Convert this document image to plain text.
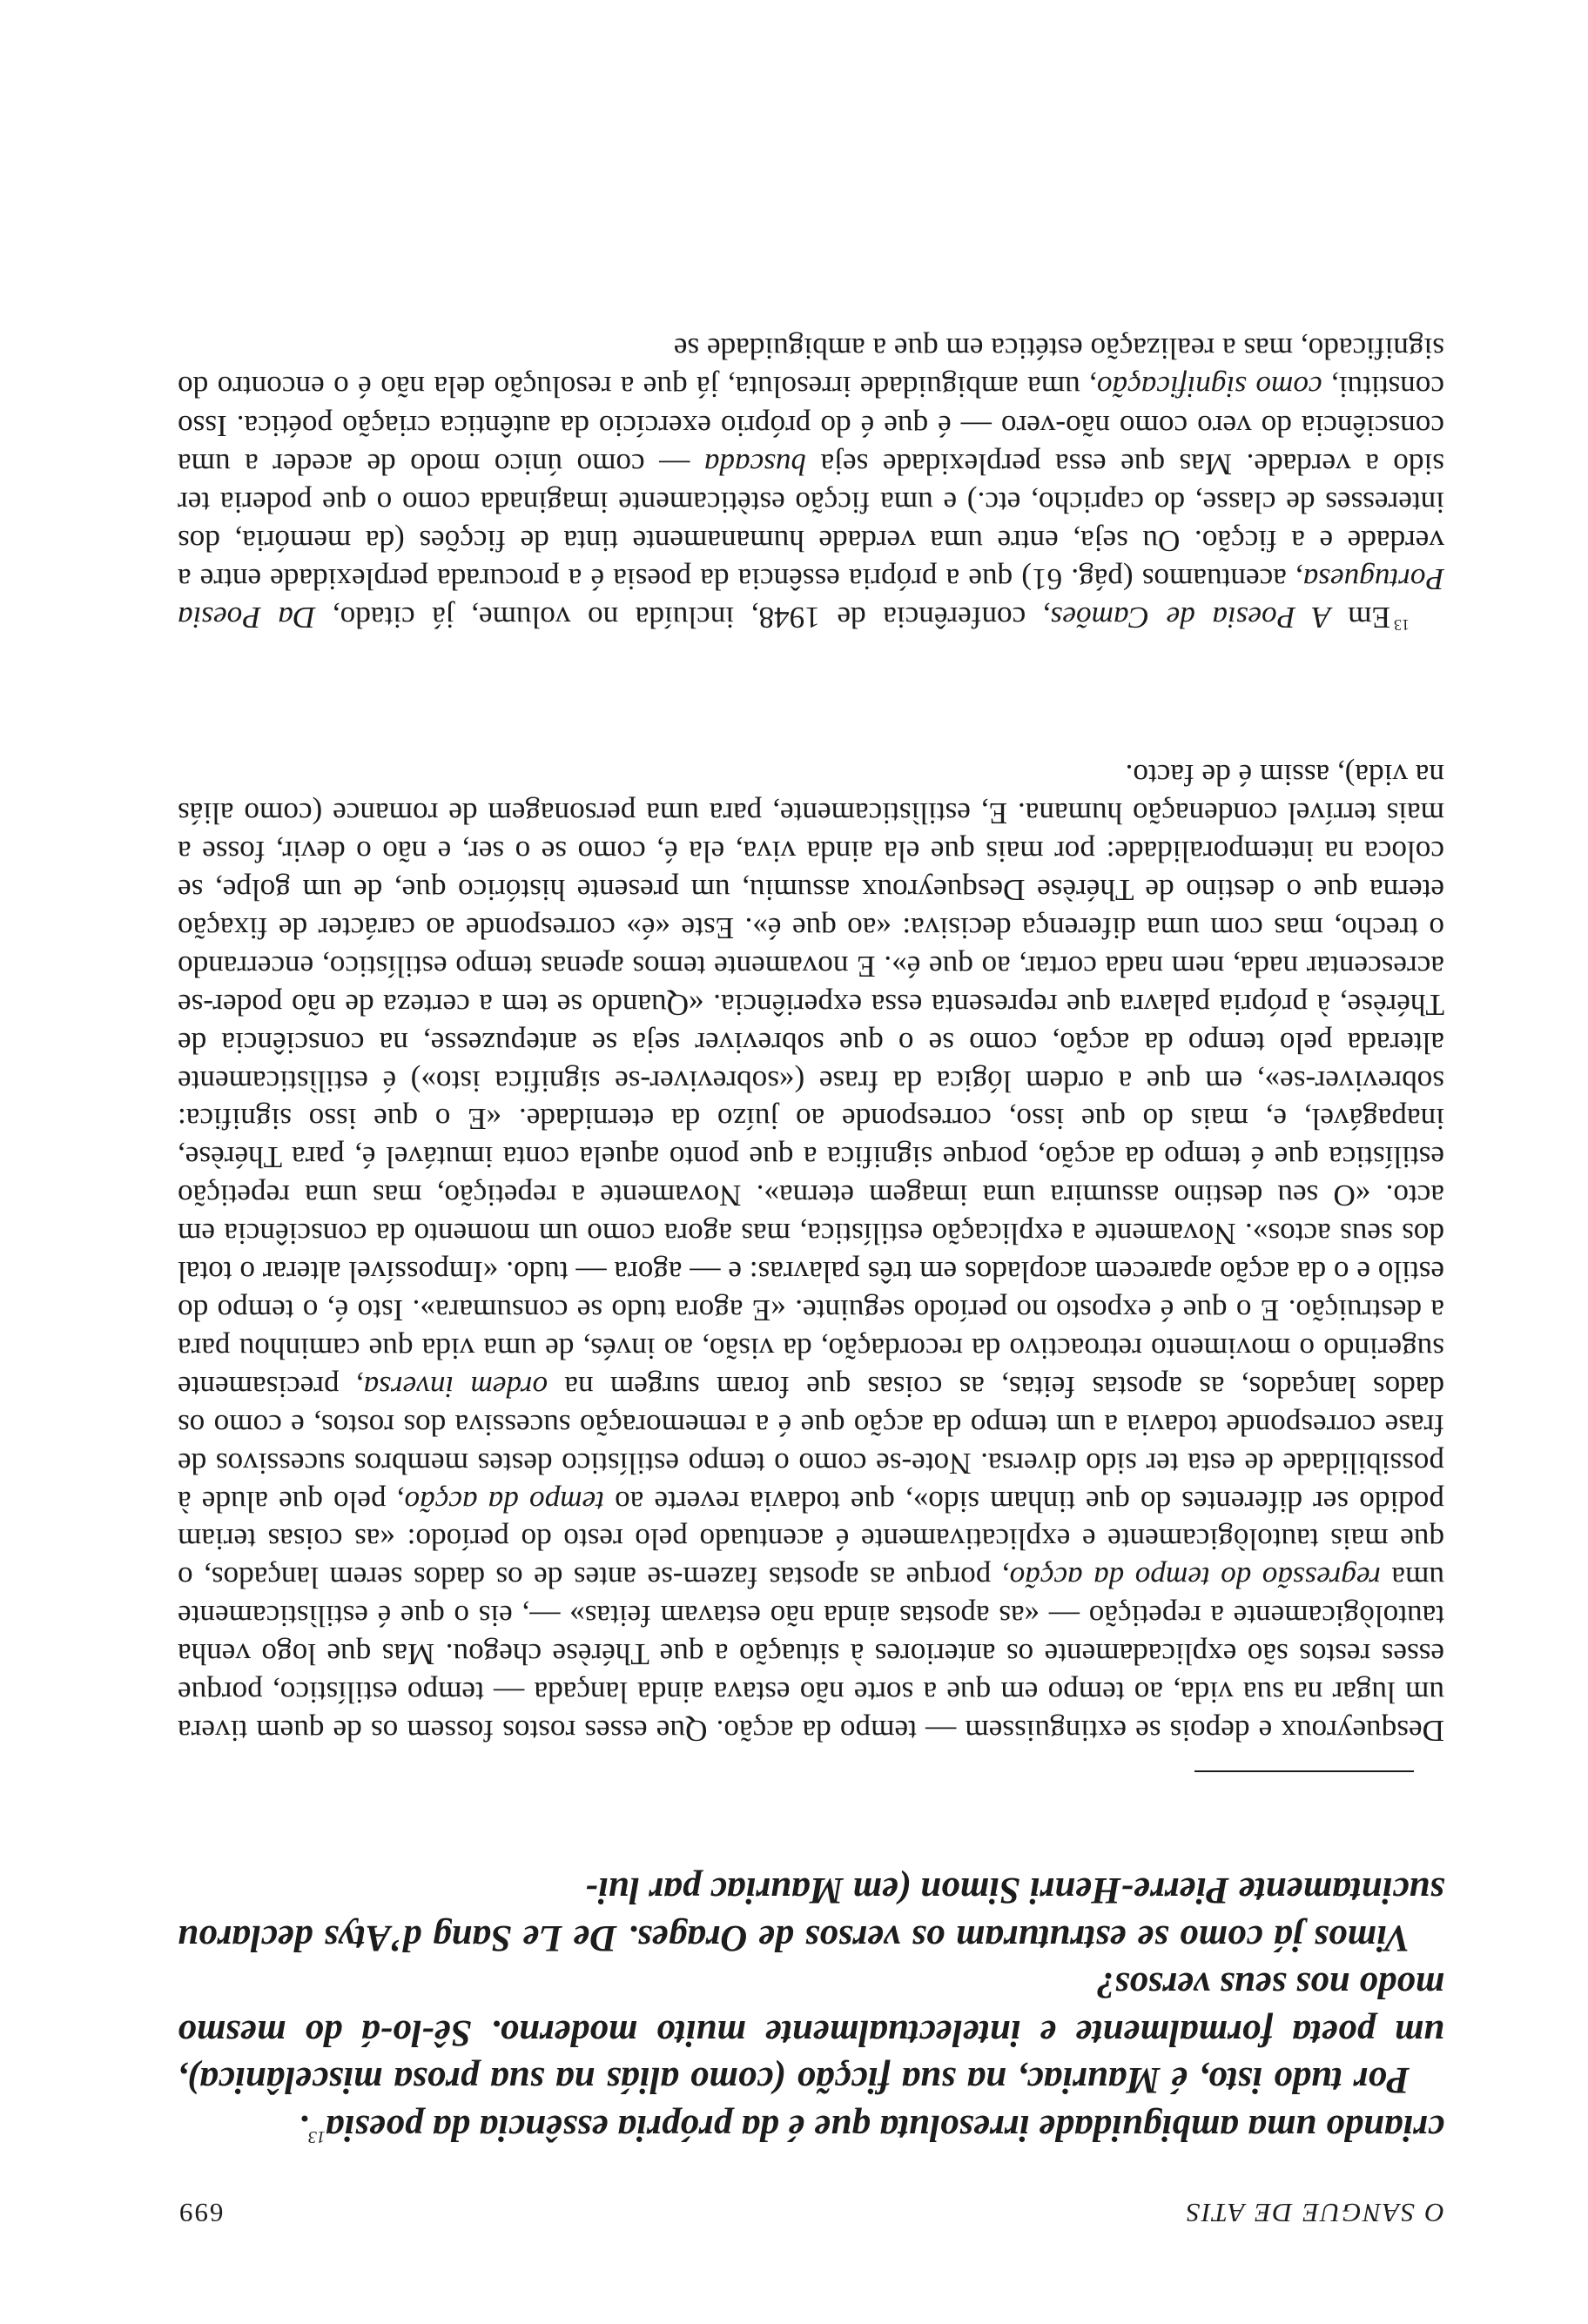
O SANGUE DE ATIS
699

criando uma ambiguidade irresoluta que é da própria essência da poesia$^{13}$.

Por tudo isto, é Mauriac, na sua ficção (como aliás na sua prosa miscelânica), um poeta formalmente e intelectualmente muito moderno. Sê-lo-á do mesmo modo nos seus versos?

Vimos já como se estruturam os versos de Orages. De Le Sang d’Atys declarou sucintamente Pierre-Henri Simon (em Mauriac par lui-

Desqueyroux e depois se extinguissem — tempo da acção. Que esses rostos fossem os de quem tivera um lugar na sua vida, ao tempo em que a sorte não estava ainda lançada — tempo estilístico, porque esses restos são explicadamente os anteriores à situação a que Thérèse chegou. Mas que logo venha tautològicamente a repetição — «as apostas ainda não estavam feitas» —, eis o que é estilìsticamente uma regressão do tempo da acção, porque as apostas fazem-se antes de os dados serem lançados, o que mais tautològicamente e explicativamente é acentuado pelo resto do período: «as coisas teriam podido ser diferentes do que tinham sido», que todavia reverte ao tempo da acção, pelo que alude à possibilidade de esta ter sido diversa. Note-se como o tempo estilístico destes membros sucessivos de frase corresponde todavia a um tempo da acção que é a rememoração sucessiva dos rostos, e como os dados lançados, as apostas feitas, as coisas que foram surgem na ordem inversa, precisamente sugerindo o movimento retroactivo da recordação, da visão, ao invés, de uma vida que caminhou para a destruição. E o que é exposto no período seguinte. «E agora tudo se consumara». Isto é, o tempo do estilo e o da acção aparecem acoplados em três palavras: e — agora — tudo. «Impossível alterar o total dos seus actos». Novamente a explicação estilística, mas agora como um momento da consciência em acto. «O seu destino assumira uma imagem eterna». Novamente a repetição, mas uma repetição estilística que é tempo da acção, porque significa a que ponto aquela conta imutável é, para Thérèse, inapagável, e, mais do que isso, corresponde ao juízo da eternidade. «E o que isso significa: sobreviver-se», em que a ordem lógica da frase («sobreviver-se significa isto») é estilìsticamente alterada pelo tempo da acção, como se o que sobreviver seja se antepuzesse, na consciência de Thérèse, à própria palavra que representa essa experiência. «Quando se tem a certeza de não poder-se acrescentar nada, nem nada cortar, ao que é». E novamente temos apenas tempo estilístico, encerrando o trecho, mas com uma diferença decisiva: «ao que é». Este «é» corresponde ao carácter de fixação eterna que o destino de Thérèse Desqueyroux assumiu, um presente histórico que, de um golpe, se coloca na intemporalidade: por mais que ela ainda viva, ela é, como se o ser, e não o devir, fosse a mais terrível condenação humana. E, estilìsticamente, para uma personagem de romance (como aliás na vida), assim é de facto.

$^{13}$Em A Poesia de Camões, conferência de 1948, incluída no volume, já citado, Da Poesia Portuguesa, acentuamos (pág. 61) que a própria essência da poesia é a procurada perplexidade entre a verdade e a ficção. Ou seja, entre uma verdade humanamente tinta de ficções (da memória, dos interesses de classe, do capricho, etc.) e uma ficção estèticamente imaginada como o que poderia ter sido a verdade. Mas que essa perplexidade seja buscada — como único modo de aceder a uma consciência do vero como não-vero — é que é do próprio exercício da autêntica criação poética. Isso constitui, como significação, uma ambiguidade irresoluta, já que a resolução dela não é o encontro do significado, mas a realização estética em que a ambiguidade se
